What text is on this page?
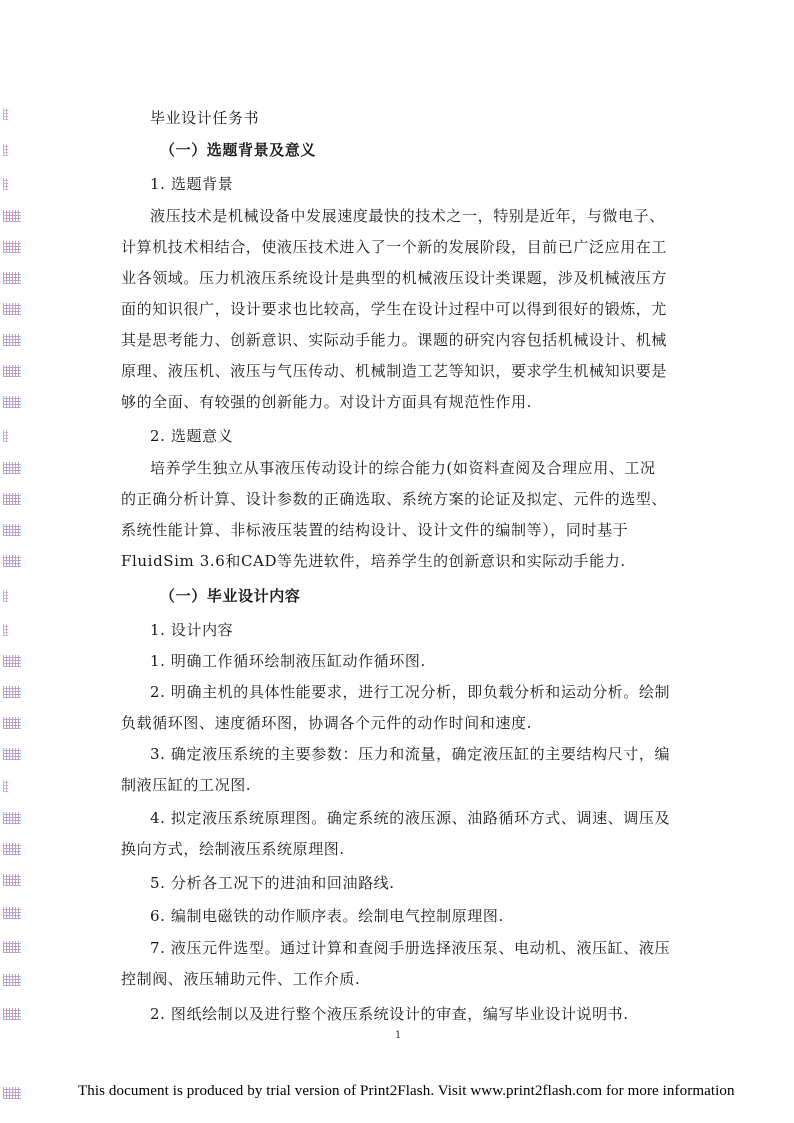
毕业设计任务书
（一）选题背景及意义
1. 选题背景
液压技术是机械设备中发展速度最快的技术之一，特别是近年，与微电子、
计算机技术相结合，使液压技术进入了一个新的发展阶段，目前已广泛应用在工
业各领域。压力机液压系统设计是典型的机械液压设计类课题，涉及机械液压方
面的知识很广，设计要求也比较高，学生在设计过程中可以得到很好的锻炼，尤
其是思考能力、创新意识、实际动手能力。课题的研究内容包括机械设计、机械
原理、液压机、液压与气压传动、机械制造工艺等知识，要求学生机械知识要是
够的全面、有较强的创新能力。对设计方面具有规范性作用.
2. 选题意义
培养学生独立从事液压传动设计的综合能力(如资料查阅及合理应用、工况
的正确分析计算、设计参数的正确选取、系统方案的论证及拟定、元件的选型、
系统性能计算、非标液压装置的结构设计、设计文件的编制等），同时基于
FluidSim 3.6和CAD等先进软件，培养学生的创新意识和实际动手能力.
（一）毕业设计内容
1. 设计内容
1. 明确工作循环绘制液压缸动作循环图.
2. 明确主机的具体性能要求，进行工况分析，即负载分析和运动分析。绘制
负载循环图、速度循环图，协调各个元件的动作时间和速度.
3. 确定液压系统的主要参数：压力和流量，确定液压缸的主要结构尺寸，编
制液压缸的工况图.
4. 拟定液压系统原理图。确定系统的液压源、油路循环方式、调速、调压及
换向方式，绘制液压系统原理图.
5. 分析各工况下的进油和回油路线.
6. 编制电磁铁的动作顺序表。绘制电气控制原理图.
7. 液压元件选型。通过计算和查阅手册选择液压泵、电动机、液压缸、液压
控制阀、液压辅助元件、工作介质.
2. 图纸绘制以及进行整个液压系统设计的审查，编写毕业设计说明书.
1
This document is produced by trial version of Print2Flash. Visit www.print2flash.com for more information
